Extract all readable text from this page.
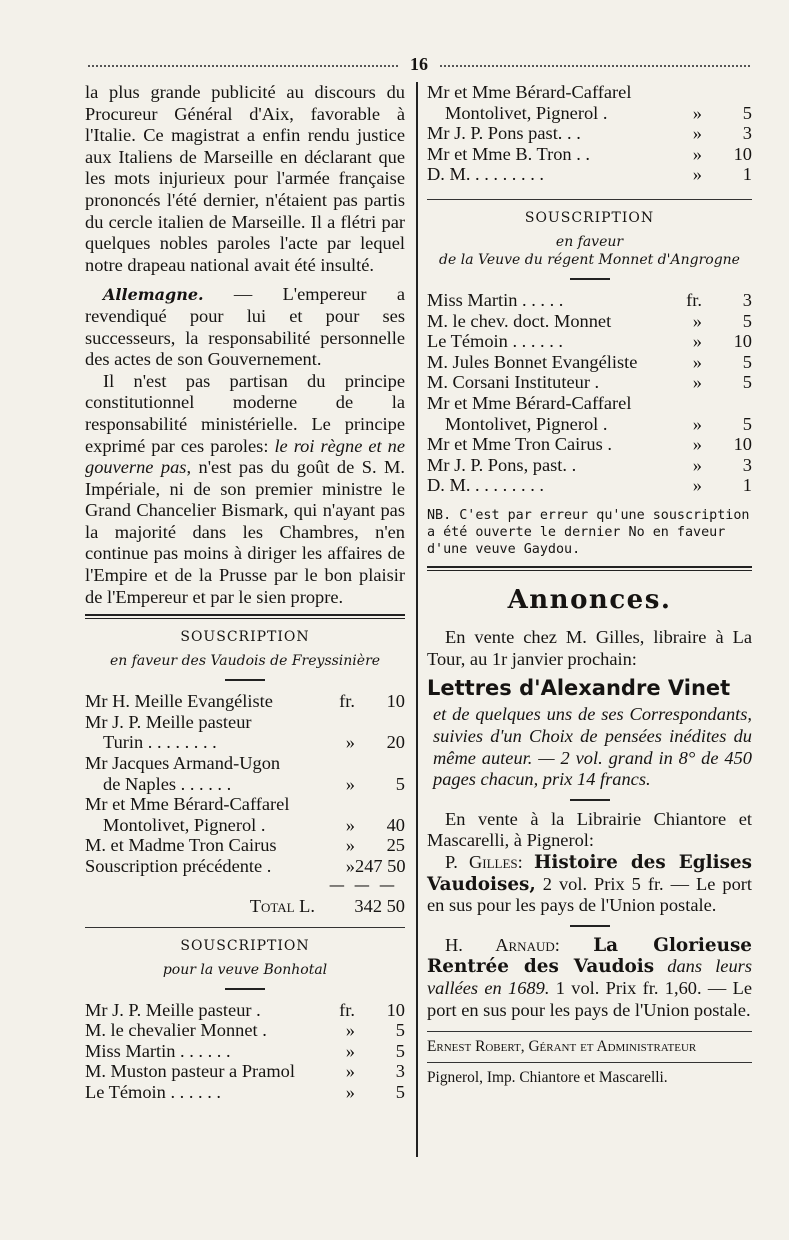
16

la plus grande publicité au discours du Procureur Général d'Aix, favorable à l'Italie. Ce magistrat a enfin rendu justice aux Italiens de Marseille en déclarant que les mots injurieux pour l'armée française prononcés l'été dernier, n'étaient pas partis du cercle italien de Marseille. Il a flétri par quelques nobles paroles l'acte par lequel notre drapeau national avait été insulté.

Allemagne. — L'empereur a revendiqué pour lui et pour ses successeurs, la responsabilité personnelle des actes de son Gouvernement.

Il n'est pas partisan du principe constitutionnel moderne de la responsabilité ministérielle. Le principe exprimé par ces paroles: le roi règne et ne gouverne pas, n'est pas du goût de S. M. Impériale, ni de son premier ministre le Grand Chancelier Bismark, qui n'ayant pas la majorité dans les Chambres, n'en continue pas moins à diriger les affaires de l'Empire et de la Prusse par le bon plaisir de l'Empereur et par le sien propre.

SOUSCRIPTION
en faveur des Vaudois de Freyssinière
Mr H. Meille Evangéliste	fr.	10
Mr J. P. Meille pasteur
Turin . . . . . . . .	»	20
Mr Jacques Armand-Ugon
de Naples . . . . . .	»	5
Mr et Mme Bérard-Caffarel
Montolivet, Pignerol .	»	40
M. et Madme Tron Cairus	»	25
Souscription précédente .	» 247 50
— — —
Total L.	342 50
SOUSCRIPTION
pour la veuve Bonhotal
Mr J. P. Meille pasteur .	fr.	10
M. le chevalier Monnet .	»	5
Miss Martin . . . . . .	»	5
M. Muston pasteur a Pramol	»	3
Le Témoin . . . . . .	»	5
Mr et Mme Bérard-Caffarel
Montolivet, Pignerol .	»	5
Mr J. P. Pons past. . .	»	3
Mr et Mme B. Tron . .	»	10
D. M. . . . . . . . .	»	1
SOUSCRIPTION
en faveur
de la Veuve du régent Monnet d'Angrogne
Miss Martin . . . . .	fr.	3
M. le chev. doct. Monnet	»	5
Le Témoin . . . . . .	»	10
M. Jules Bonnet Evangéliste	»	5
M. Corsani Instituteur .	»	5
Mr et Mme Bérard-Caffarel
Montolivet, Pignerol .	»	5
Mr et Mme Tron Cairus .	»	10
Mr J. P. Pons, past. .	»	3
D. M. . . . . . . . .	»	1
NB. C'est par erreur qu'une souscription a été ouverte le dernier No en faveur d'une veuve Gaydou.
Annonces.

En vente chez M. Gilles, libraire à La Tour, au 1r janvier prochain:

Lettres d'Alexandre Vinet

et de quelques uns de ses Correspondants, suivies d'un Choix de pensées inédites du même auteur. — 2 vol. grand in 8° de 450 pages chacun, prix 14 francs.

En vente à la Librairie Chiantore et Mascarelli, à Pignerol:

P. Gilles: Histoire des Eglises Vaudoises, 2 vol. Prix 5 fr. — Le port en sus pour les pays de l'Union postale.

H. Arnaud: La Glorieuse Rentrée des Vaudois dans leurs vallées en 1689. 1 vol. Prix fr. 1,60. — Le port en sus pour les pays de l'Union postale.

Ernest Robert, Gérant et Administrateur
Pignerol, Imp. Chiantore et Mascarelli.
